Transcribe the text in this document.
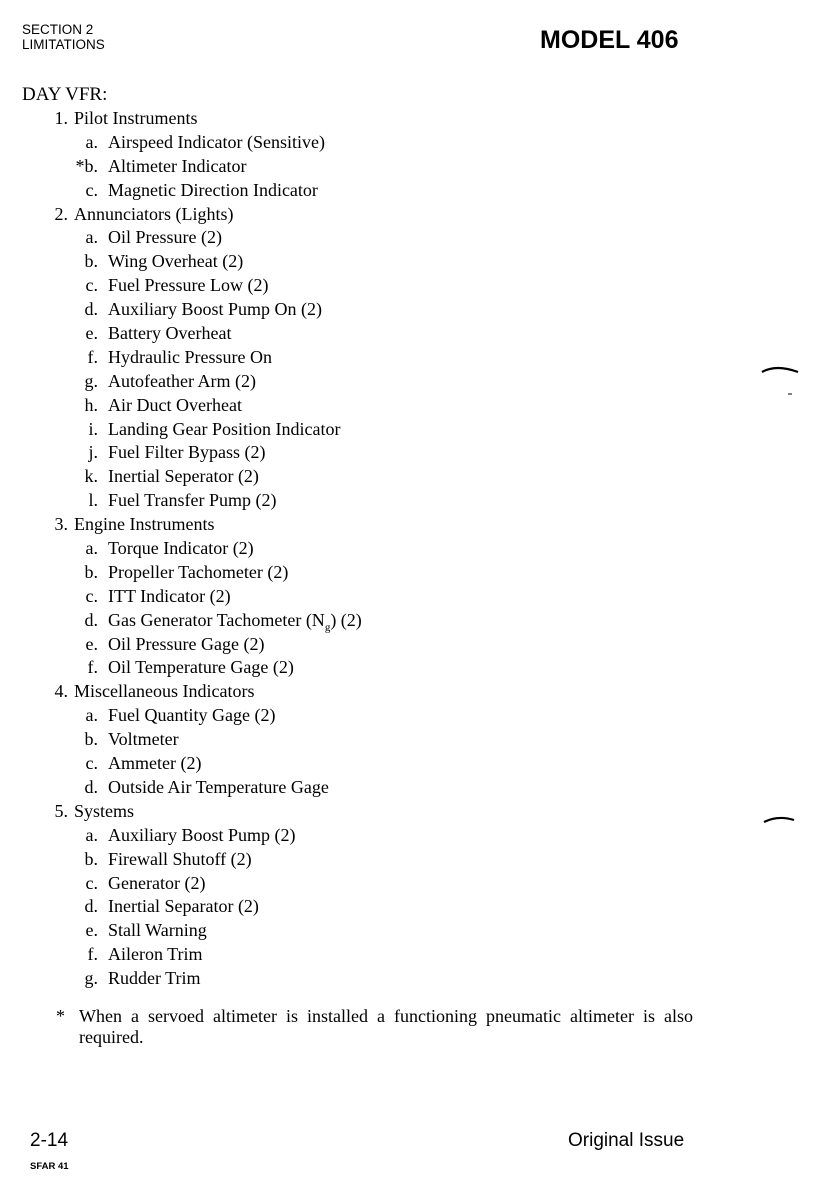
SECTION 2
LIMITATIONS	MODEL 406
DAY VFR:
1. Pilot Instruments
a. Airspeed Indicator (Sensitive)
*b. Altimeter Indicator
c. Magnetic Direction Indicator
2. Annunciators (Lights)
a. Oil Pressure (2)
b. Wing Overheat (2)
c. Fuel Pressure Low (2)
d. Auxiliary Boost Pump On (2)
e. Battery Overheat
f. Hydraulic Pressure On
g. Autofeather Arm (2)
h. Air Duct Overheat
i. Landing Gear Position Indicator
j. Fuel Filter Bypass (2)
k. Inertial Seperator (2)
l. Fuel Transfer Pump (2)
3. Engine Instruments
a. Torque Indicator (2)
b. Propeller Tachometer (2)
c. ITT Indicator (2)
d. Gas Generator Tachometer $(N_g)$ (2)
e. Oil Pressure Gage (2)
f. Oil Temperature Gage (2)
4. Miscellaneous Indicators
a. Fuel Quantity Gage (2)
b. Voltmeter
c. Ammeter (2)
d. Outside Air Temperature Gage
5. Systems
a. Auxiliary Boost Pump (2)
b. Firewall Shutoff (2)
c. Generator (2)
d. Inertial Separator (2)
e. Stall Warning
f. Aileron Trim
g. Rudder Trim
* When a servoed altimeter is installed a functioning pneumatic altimeter is also required.
2-14
SFAR 41
Original Issue
